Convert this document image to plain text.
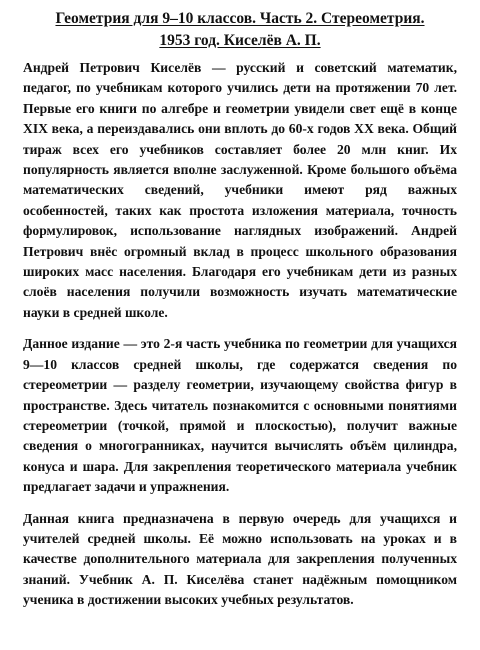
Геометрия для 9–10 классов. Часть 2. Стереометрия.
1953 год. Киселёв А. П.

Андрей Петрович Киселёв — русский и советский математик, педагог, по учебникам которого учились дети на протяжении 70 лет. Первые его книги по алгебре и геометрии увидели свет ещё в конце XIX века, а переиздавались они вплоть до 60-х годов XX века. Общий тираж всех его учебников составляет более 20 млн книг. Их популярность является вполне заслуженной. Кроме большого объёма математических сведений, учебники имеют ряд важных особенностей, таких как простота изложения материала, точность формулировок, использование наглядных изображений. Андрей Петрович внёс огромный вклад в процесс школьного образования широких масс населения. Благодаря его учебникам дети из разных слоёв населения получили возможность изучать математические науки в средней школе.

Данное издание — это 2-я часть учебника по геометрии для учащихся 9—10 классов средней школы, где содержатся сведения по стереометрии — разделу геометрии, изучающему свойства фигур в пространстве. Здесь читатель познакомится с основными понятиями стереометрии (точкой, прямой и плоскостью), получит важные сведения о многогранниках, научится вычислять объём цилиндра, конуса и шара. Для закрепления теоретического материала учебник предлагает задачи и упражнения.

Данная книга предназначена в первую очередь для учащихся и учителей средней школы. Её можно использовать на уроках и в качестве дополнительного материала для закрепления полученных знаний. Учебник А. П. Киселёва станет надёжным помощником ученика в достижении высоких учебных результатов.
